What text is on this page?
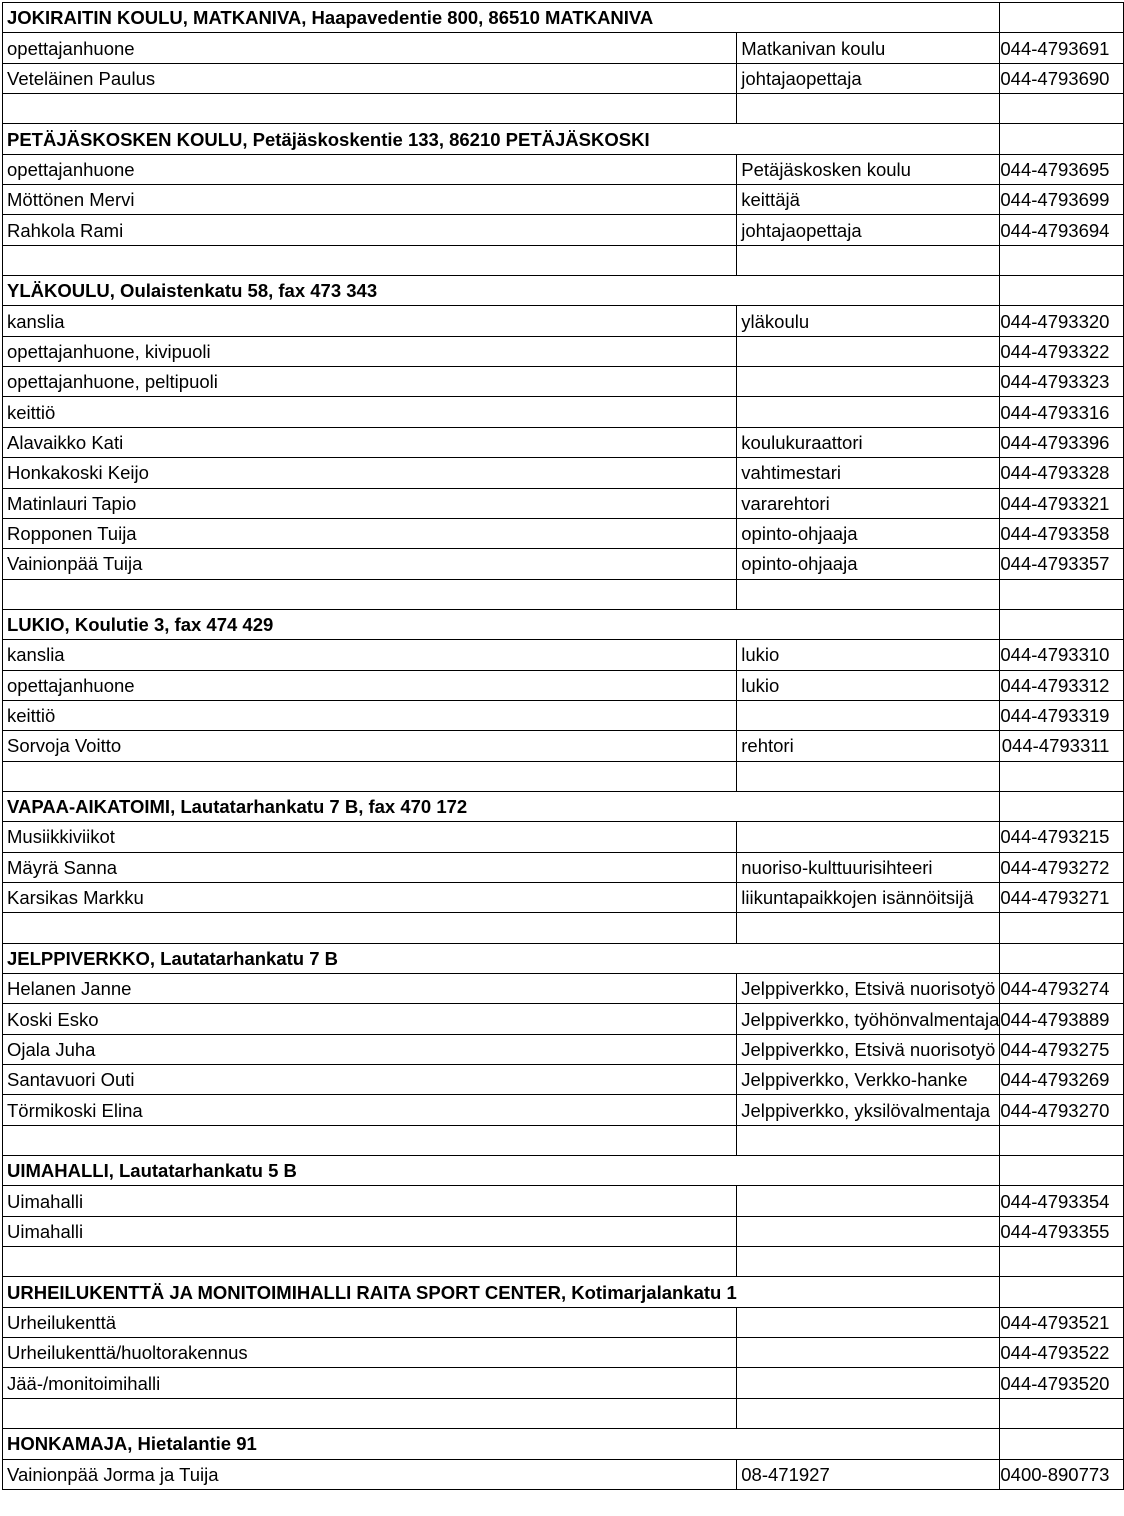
JOKIRAITIN KOULU, MATKANIVA, Haapavedentie 800, 86510 MATKANIVA		
opettajanhuone	Matkanivan koulu	044-4793691
Veteläinen Paulus	johtajaopettaja	044-4793690

PETÄJÄSKOSKEN KOULU, Petäjäskoskentie 133, 86210 PETÄJÄSKOSKI		
opettajanhuone	Petäjäskosken koulu	044-4793695
Möttönen Mervi	keittäjä	044-4793699
Rahkola Rami	johtajaopettaja	044-4793694

YLÄKOULU, Oulaistenkatu 58, fax 473 343		
kanslia	yläkoulu	044-4793320
opettajanhuone, kivipuoli		044-4793322
opettajanhuone, peltipuoli		044-4793323
keittiö		044-4793316
Alavaikko Kati	koulukuraattori	044-4793396
Honkakoski Keijo	vahtimestari	044-4793328
Matinlauri Tapio	vararehtori	044-4793321
Ropponen Tuija	opinto-ohjaaja	044-4793358
Vainionpää Tuija	opinto-ohjaaja	044-4793357

LUKIO, Koulutie 3, fax 474 429		
kanslia	lukio	044-4793310
opettajanhuone	lukio	044-4793312
keittiö		044-4793319
Sorvoja Voitto	rehtori	044-4793311

VAPAA-AIKATOIMI, Lautatarhankatu 7 B, fax 470 172		
Musiikkiviikot		044-4793215
Mäyrä Sanna	nuoriso-kulttuurisihteeri	044-4793272
Karsikas Markku	liikuntapaikkojen isännöitsijä	044-4793271

JELPPIVERKKO, Lautatarhankatu 7 B		
Helanen Janne	Jelppiverkko, Etsivä nuorisotyö	044-4793274
Koski Esko	Jelppiverkko, työhönvalmentaja	044-4793889
Ojala Juha	Jelppiverkko, Etsivä nuorisotyö	044-4793275
Santavuori Outi	Jelppiverkko, Verkko-hanke	044-4793269
Törmikoski Elina	Jelppiverkko, yksilövalmentaja	044-4793270

UIMAHALLI, Lautatarhankatu 5 B		
Uimahalli		044-4793354
Uimahalli		044-4793355

URHEILUKENTTÄ JA MONITOIMIHALLI RAITA SPORT CENTER, Kotimarjalankatu 1		
Urheilukenttä		044-4793521
Urheilukenttä/huoltorakennus		044-4793522
Jää-/monitoimihalli		044-4793520

HONKAMAJA, Hietalantie 91		
Vainionpää Jorma ja Tuija	08-471927	0400-890773
